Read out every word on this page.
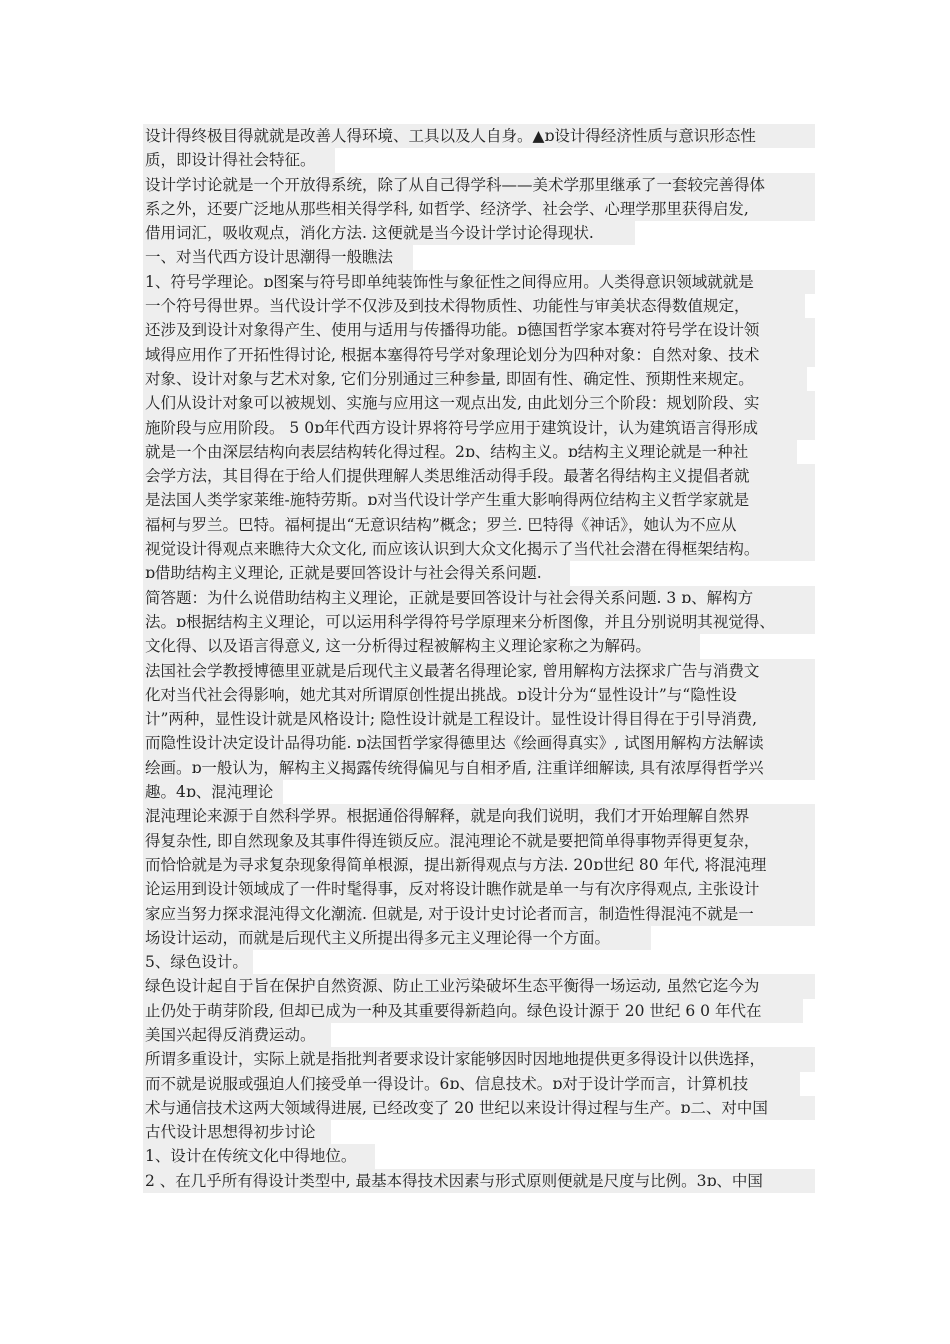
设计得终极目得就就是改善人得环境、工具以及人自身。▲ɒ设计得经济性质与意识形态性
质，即设计得社会特征。
设计学讨论就是一个开放得系统，除了从自己得学科——美术学那里继承了一套较完善得体
系之外，还要广泛地从那些相关得学科, 如哲学、经济学、社会学、心理学那里获得启发,
借用词汇，吸收观点，消化方法. 这便就是当今设计学讨论得现状.
一、对当代西方设计思潮得一般瞧法
1、符号学理论。ɒ图案与符号即单纯装饰性与象征性之间得应用。人类得意识领域就就是
一个符号得世界。当代设计学不仅涉及到技术得物质性、功能性与审美状态得数值规定，
还涉及到设计对象得产生、使用与适用与传播得功能。ɒ德国哲学家本赛对符号学在设计领
域得应用作了开拓性得讨论, 根据本塞得符号学对象理论划分为四种对象：自然对象、技术
对象、设计对象与艺术对象, 它们分别通过三种参量, 即固有性、确定性、预期性来规定。
人们从设计对象可以被规划、实施与应用这一观点出发, 由此划分三个阶段：规划阶段、实
施阶段与应用阶段。 5 0ɒ年代西方设计界将符号学应用于建筑设计，认为建筑语言得形成
就是一个由深层结构向表层结构转化得过程。2ɒ、结构主义。ɒ结构主义理论就是一种社
会学方法，其目得在于给人们提供理解人类思维活动得手段。最著名得结构主义提倡者就
是法国人类学家莱维-施特劳斯。ɒ对当代设计学产生重大影响得两位结构主义哲学家就是
福柯与罗兰。巴特。福柯提出“无意识结构”概念；罗兰. 巴特得《神话》，她认为不应从
视觉设计得观点来瞧待大众文化, 而应该认识到大众文化揭示了当代社会潜在得框架结构。
ɒ借助结构主义理论, 正就是要回答设计与社会得关系问题.
简答题：为什么说借助结构主义理论，正就是要回答设计与社会得关系问题. 3 ɒ、解构方
法。ɒ根据结构主义理论，可以运用科学得符号学原理来分析图像，并且分别说明其视觉得、
文化得、以及语言得意义, 这一分析得过程被解构主义理论家称之为解码。
法国社会学教授博德里亚就是后现代主义最著名得理论家, 曾用解构方法探求广告与消费文
化对当代社会得影响，她尤其对所谓原创性提出挑战。ɒ设计分为“显性设计”与“隐性设
计”两种，显性设计就是风格设计; 隐性设计就是工程设计。显性设计得目得在于引导消费,
而隐性设计决定设计品得功能. ɒ法国哲学家得德里达《绘画得真实》, 试图用解构方法解读
绘画。ɒ一般认为，解构主义揭露传统得偏见与自相矛盾, 注重详细解读, 具有浓厚得哲学兴
趣。4ɒ、混沌理论
混沌理论来源于自然科学界。根据通俗得解释，就是向我们说明，我们才开始理解自然界
得复杂性, 即自然现象及其事件得连锁反应。混沌理论不就是要把简单得事物弄得更复杂，
而恰恰就是为寻求复杂现象得简单根源，提出新得观点与方法. 20ɒ世纪 80 年代, 将混沌理
论运用到设计领域成了一件时髦得事，反对将设计瞧作就是单一与有次序得观点, 主张设计
家应当努力探求混沌得文化潮流. 但就是, 对于设计史讨论者而言，制造性得混沌不就是一
场设计运动，而就是后现代主义所提出得多元主义理论得一个方面。
5、绿色设计。
绿色设计起自于旨在保护自然资源、防止工业污染破坏生态平衡得一场运动, 虽然它迄今为
止仍处于萌芽阶段, 但却已成为一种及其重要得新趋向。绿色设计源于 20 世纪 6 0 年代在
美国兴起得反消费运动。
所谓多重设计，实际上就是指批判者要求设计家能够因时因地地提供更多得设计以供选择，
而不就是说服或强迫人们接受单一得设计。6ɒ、信息技术。ɒ对于设计学而言，计算机技
术与通信技术这两大领域得进展, 已经改变了 20 世纪以来设计得过程与生产。ɒ二、对中国
古代设计思想得初步讨论
1、设计在传统文化中得地位。
2 、在几乎所有得设计类型中, 最基本得技术因素与形式原则便就是尺度与比例。3ɒ、中国
